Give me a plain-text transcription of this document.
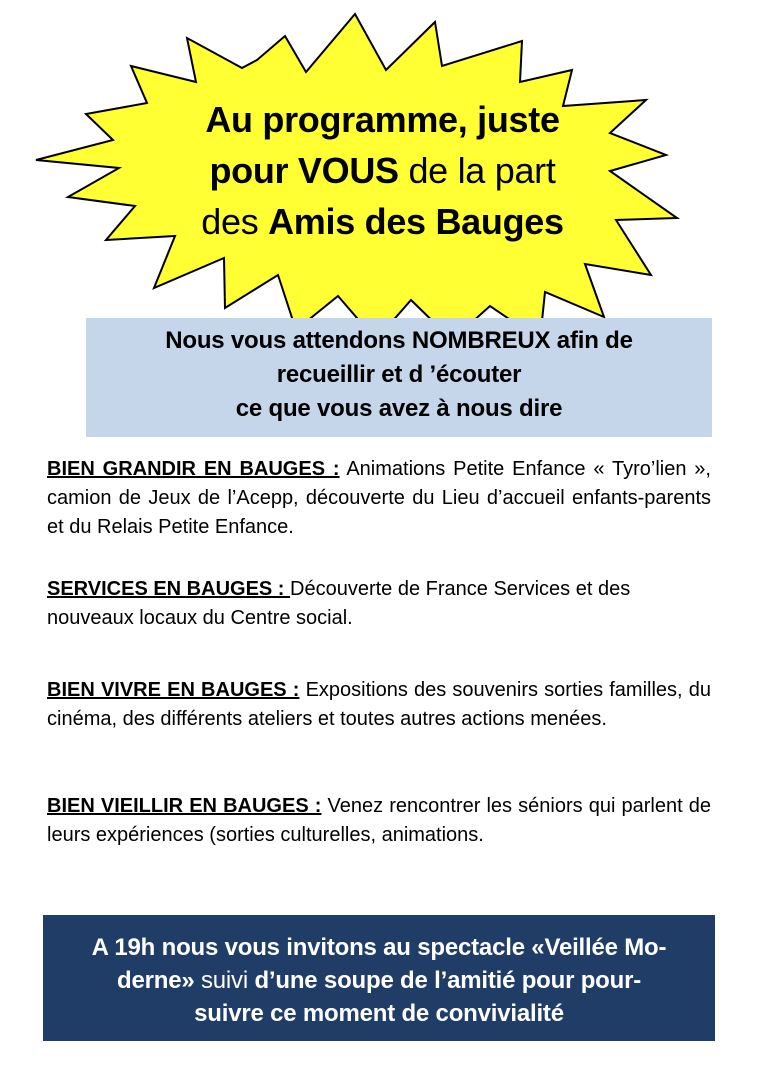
Au programme, juste
pour VOUS de la part
des Amis des Bauges
Nous vous attendons NOMBREUX afin de
recueillir et d ’écouter
ce que vous avez à nous dire
BIEN GRANDIR EN BAUGES : Animations Petite Enfance « Tyro’lien », camion de Jeux de l’Acepp, découverte du Lieu d’accueil enfants-parents et du Relais Petite Enfance.
SERVICES EN BAUGES : Découverte de France Services et des nouveaux locaux du Centre social.
BIEN VIVRE EN BAUGES : Expositions des souvenirs sorties familles, du cinéma, des différents ateliers et toutes autres actions menées.
BIEN VIEILLIR EN BAUGES : Venez rencontrer les séniors qui parlent de leurs expériences (sorties culturelles, animations.
A 19h nous vous invitons au spectacle «Veillée Mo-
derne» suivi d’une soupe de l’amitié pour pour-
suivre ce moment de convivialité
